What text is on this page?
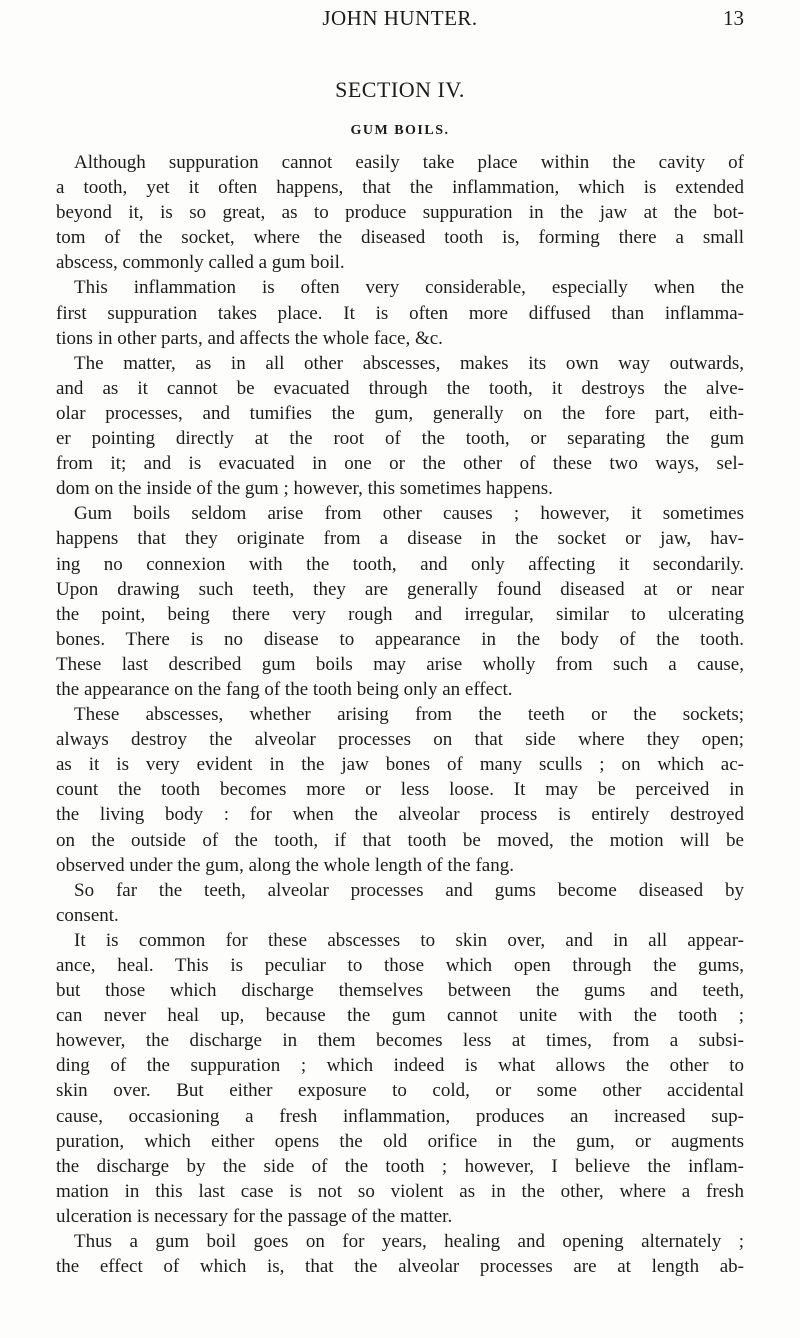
JOHN HUNTER.	13
SECTION IV.
GUM BOILS.
Although suppuration cannot easily take place within the cavity of
a tooth, yet it often happens, that the inflammation, which is extended
beyond it, is so great, as to produce suppuration in the jaw at the bot-
tom of the socket, where the diseased tooth is, forming there a small
abscess, commonly called a gum boil.
This inflammation is often very considerable, especially when the
first suppuration takes place. It is often more diffused than inflamma-
tions in other parts, and affects the whole face, &c.
The matter, as in all other abscesses, makes its own way outwards,
and as it cannot be evacuated through the tooth, it destroys the alve-
olar processes, and tumifies the gum, generally on the fore part, eith-
er pointing directly at the root of the tooth, or separating the gum
from it; and is evacuated in one or the other of these two ways, sel-
dom on the inside of the gum ; however, this sometimes happens.
Gum boils seldom arise from other causes ; however, it sometimes
happens that they originate from a disease in the socket or jaw, hav-
ing no connexion with the tooth, and only affecting it secondarily.
Upon drawing such teeth, they are generally found diseased at or near
the point, being there very rough and irregular, similar to ulcerating
bones. There is no disease to appearance in the body of the tooth.
These last described gum boils may arise wholly from such a cause,
the appearance on the fang of the tooth being only an effect.
These abscesses, whether arising from the teeth or the sockets;
always destroy the alveolar processes on that side where they open;
as it is very evident in the jaw bones of many sculls ; on which ac-
count the tooth becomes more or less loose. It may be perceived in
the living body : for when the alveolar process is entirely destroyed
on the outside of the tooth, if that tooth be moved, the motion will be
observed under the gum, along the whole length of the fang.
So far the teeth, alveolar processes and gums become diseased by
consent.
It is common for these abscesses to skin over, and in all appear-
ance, heal. This is peculiar to those which open through the gums,
but those which discharge themselves between the gums and teeth,
can never heal up, because the gum cannot unite with the tooth ;
however, the discharge in them becomes less at times, from a subsi-
ding of the suppuration ; which indeed is what allows the other to
skin over. But either exposure to cold, or some other accidental
cause, occasioning a fresh inflammation, produces an increased sup-
puration, which either opens the old orifice in the gum, or augments
the discharge by the side of the tooth ; however, I believe the inflam-
mation in this last case is not so violent as in the other, where a fresh
ulceration is necessary for the passage of the matter.
Thus a gum boil goes on for years, healing and opening alternately ;
the effect of which is, that the alveolar processes are at length ab-
